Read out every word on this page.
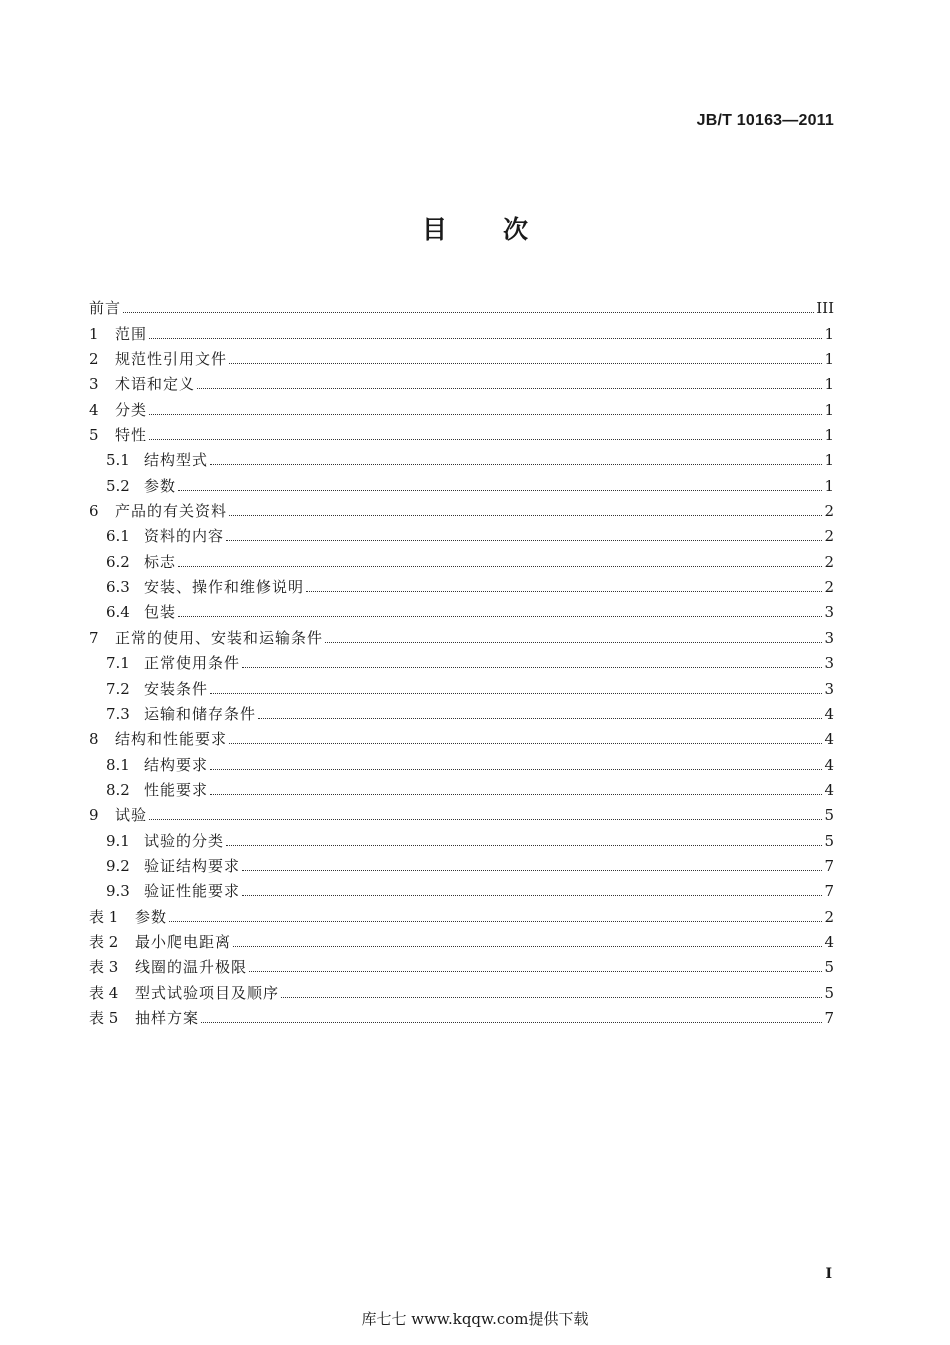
JB/T 10163—2011
目 次
前言	III
1	范围	1
2	规范性引用文件	1
3	术语和定义	1
4	分类	1
5	特性	1
5.1 结构型式	1
5.2 参数	1
6	产品的有关资料	2
6.1 资料的内容	2
6.2 标志	2
6.3 安装、操作和维修说明	2
6.4 包装	3
7	正常的使用、安装和运输条件	3
7.1 正常使用条件	3
7.2 安装条件	3
7.3 运输和储存条件	4
8	结构和性能要求	4
8.1 结构要求	4
8.2 性能要求	4
9	试验	5
9.1 试验的分类	5
9.2 验证结构要求	7
9.3 验证性能要求	7
表 1	参数	2
表 2	最小爬电距离	4
表 3	线圈的温升极限	5
表 4	型式试验项目及顺序	5
表 5	抽样方案	7
I
库七七 www.kqqw.com提供下载
